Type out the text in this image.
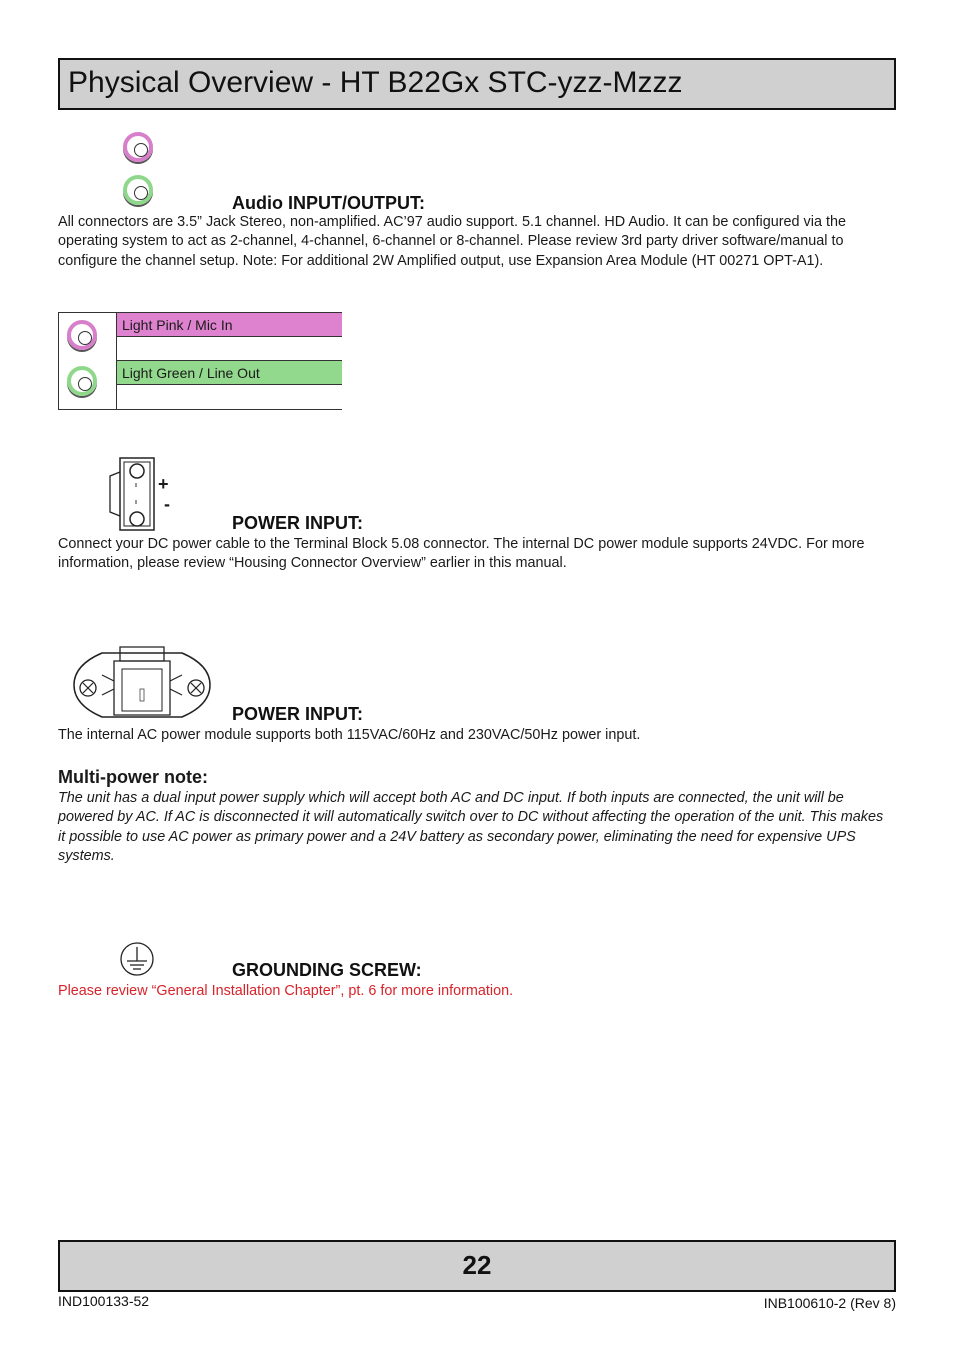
Physical Overview - HT B22Gx STC-yzz-Mzzz
Audio INPUT/OUTPUT:
All connectors are 3.5” Jack Stereo, non-amplified. AC’97 audio support. 5.1 channel. HD Audio. It can be configured via the operating system to act as 2-channel, 4-channel, 6-channel or 8-channel. Please review 3rd party driver software/manual to configure the channel setup. Note: For additional 2W Amplified output, use Expansion Area Module (HT 00271 OPT-A1).
Light Pink / Mic In
Light Green / Line Out
+
-
POWER INPUT:
Connect your DC power cable to the Terminal Block 5.08 connector. The internal DC power module supports 24VDC. For more information, please review “Housing Connector Overview” earlier in this manual.
POWER INPUT:
The internal AC power module supports both 115VAC/60Hz and 230VAC/50Hz power input.
Multi-power note:
The unit has a dual input power supply which will accept both AC and DC input. If both inputs are connected, the unit will be powered by AC. If AC is disconnected it will automatically switch over to DC without affecting the operation of the unit. This makes it possible to use AC power as primary power and a 24V battery as secondary power, eliminating the need for expensive UPS systems.
GROUNDING SCREW:
Please review “General Installation Chapter”, pt. 6 for more information.
22
IND100133-52	INB100610-2 (Rev 8)
